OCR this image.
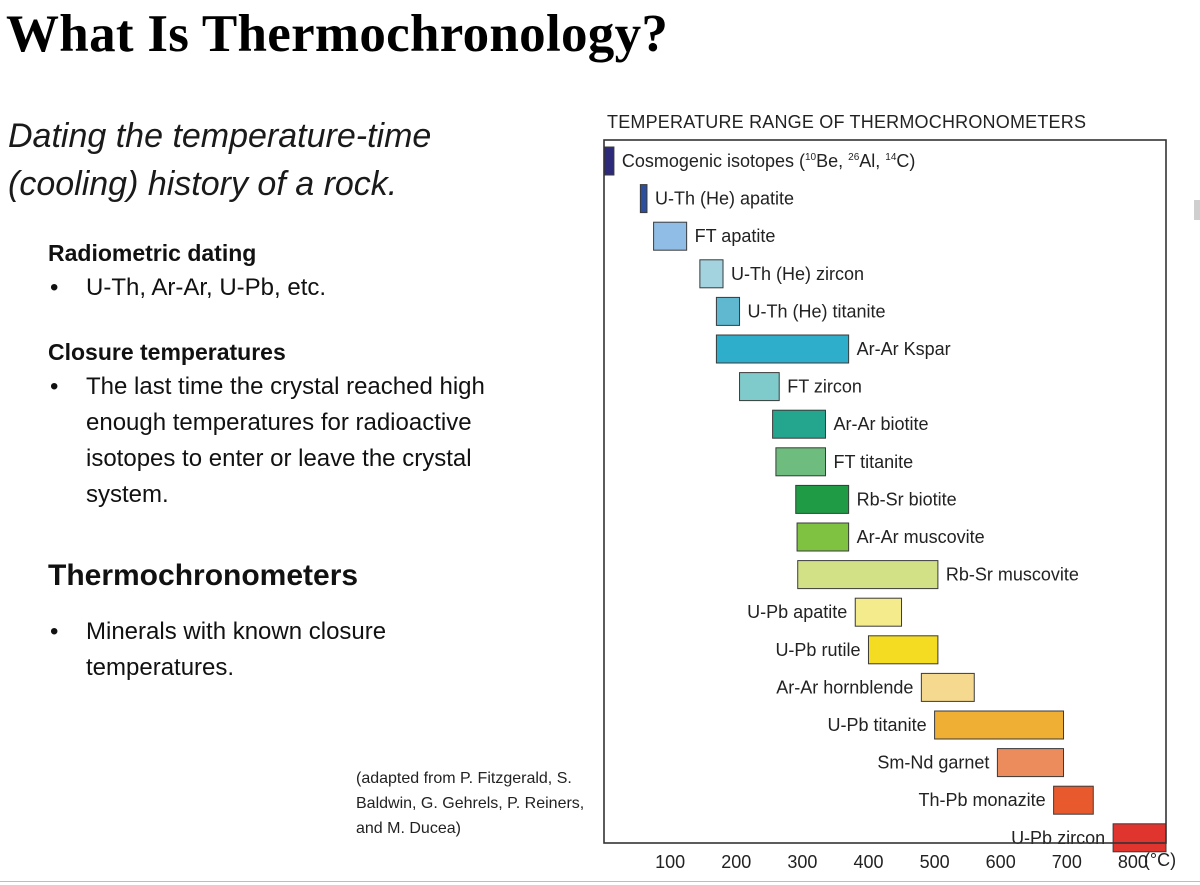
What Is Thermochronology?
Dating the temperature-time (cooling) history of a rock.
Radiometric dating
• U-Th, Ar-Ar, U-Pb, etc.
Closure temperatures
• The last time the crystal reached high enough temperatures for radioactive isotopes to enter or leave the crystal system.
Thermochronometers
• Minerals with known closure temperatures.
(adapted from P. Fitzgerald, S. Baldwin, G. Gehrels, P. Reiners, and M. Ducea)
TEMPERATURE RANGE OF THERMOCHRONOMETERS
Cosmogenic isotopes ($^{10}$Be, $^{26}$Al, $^{14}$C)
U-Th (He) apatite
FT apatite
U-Th (He) zircon
U-Th (He) titanite
Ar-Ar Kspar
FT zircon
Ar-Ar biotite
FT titanite
Rb-Sr biotite
Ar-Ar muscovite
Rb-Sr muscovite
U-Pb apatite
U-Pb rutile
Ar-Ar hornblende
U-Pb titanite
Sm-Nd garnet
Th-Pb monazite
U-Pb zircon
100 200 300 400 500 600 700 800
(°C)
